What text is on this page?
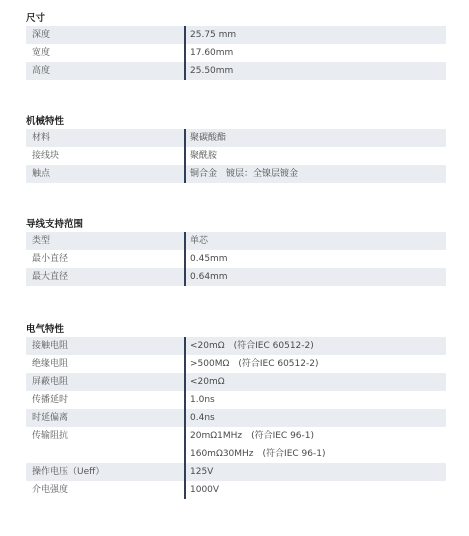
尺寸
深度	25.75 mm
宽度	17.60mm
高度	25.50mm
机械特性
材料	聚碳酸酯
接线块	聚酰胺
触点	铜合金　镀层：全镍层镀金
导线支持范围
类型	单芯
最小直径	0.45mm
最大直径	0.64mm
电气特性
接触电阻	<20mΩ　(符合IEC 60512-2)
绝缘电阻	>500MΩ　(符合IEC 60512-2)
屏蔽电阻	<20mΩ
传播延时	1.0ns
时延偏离	0.4ns
传输阻抗	20mΩ1MHz　(符合IEC 96-1)
160mΩ30MHz　(符合IEC 96-1)
操作电压（Ueff）	125V
介电强度	1000V
